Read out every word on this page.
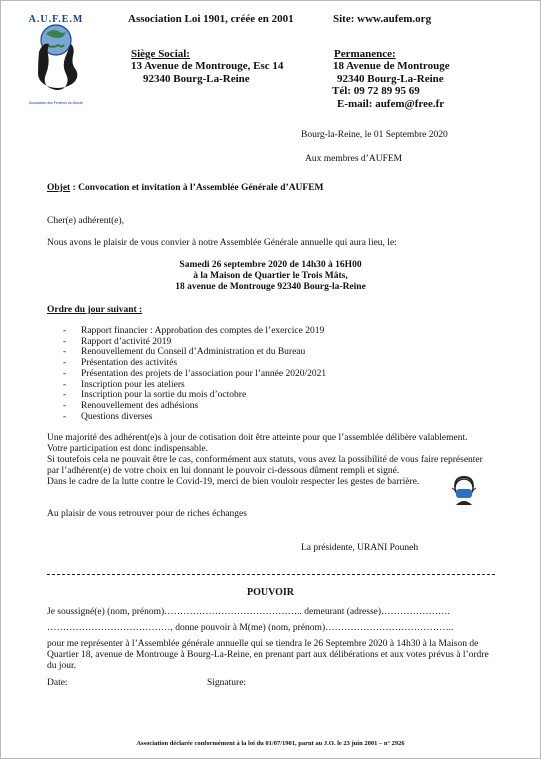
A.U.F.E.M
Association des Femmes du Monde
Association Loi 1901, créée en 2001	Site: www.aufem.org
Siège Social:
13 Avenue de Montrouge, Esc 14
92340 Bourg-La-Reine
Permanence:
18 Avenue de Montrouge
92340 Bourg-La-Reine
Tél: 09 72 89 95 69
E-mail: aufem@free.fr
Bourg-la-Reine, le 01 Septembre 2020
Aux membres d’AUFEM
Objet : Convocation et invitation à l’Assemblée Générale d’AUFEM
Cher(e) adhérent(e),
Nous avons le plaisir de vous convier à notre Assemblée Générale annuelle qui aura lieu, le:
Samedi 26 septembre 2020 de 14h30 à 16H00
à la Maison de Quartier le Trois Mâts,
18 avenue de Montrouge 92340 Bourg-la-Reine
Ordre du jour suivant :
-	Rapport financier : Approbation des comptes de l’exercice 2019
-	Rapport d’activité 2019
-	Renouvellement du Conseil d’Administration et du Bureau
-	Présentation des activités
-	Présentation des projets de l’association pour l’année 2020/2021
-	Inscription pour les ateliers
-	Inscription pour la sortie du mois d’octobre
-	Renouvellement des adhésions
-	Questions diverses
Une majorité des adhérent(e)s à jour de cotisation doit être atteinte pour que l’assemblée délibère valablement.
Votre participation est donc indispensable.
Si toutefois cela ne pouvait être le cas, conformément aux statuts, vous avez la possibilité de vous faire représenter
par l’adhérent(e) de votre choix en lui donnant le pouvoir ci-dessous dûment rempli et signé.
Dans le cadre de la lutte contre le Covid-19, merci de bien vouloir respecter les gestes de barrière.
Au plaisir de vous retrouver pour de riches échanges
La présidente, URANI Pouneh
POUVOIR
Je soussigné(e) (nom, prénom)…………………………………….. demeurant (adresse)………………….
…………………………………, donne pouvoir à M(me) (nom, prénom)…………………………………..
pour me représenter à l’Assemblée générale annuelle qui se tiendra le 26 Septembre 2020 à 14h30 à la Maison de
Quartier 18, avenue de Montrouge à Bourg-La-Reine, en prenant part aux délibérations et aux votes prévus à l’ordre
du jour.
Date:	Signature:
Association déclarée conformément à la loi du 01/07/1901, parut au J.O. le 23 juin 2001 – n° 2926
